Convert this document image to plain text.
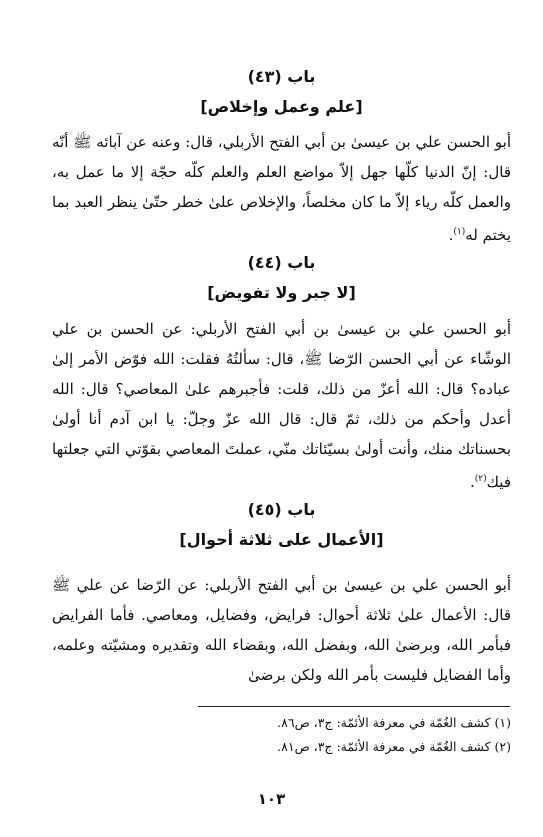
باب (٤٣)
[علم وعمل وإخلاص]

أبو الحسن علي بن عيسىٰ بن أبي الفتح الأربلي، قال: وعنه عن آبائه ﷺ أنّه قال: إنّ الدنيا كلّها جهل إلاّ مواضع العلم والعلم كلّه حجّة إلا ما عمل به، والعمل كلّه رياء إلاّ ما كان مخلصاً، والإخلاص علىٰ خطر حتّىٰ ينظر العبد بما يختم له$^{(١)}$.

باب (٤٤)
[لا جبر ولا تفويض]

أبو الحسن علي بن عيسىٰ بن أبي الفتح الأربلي: عن الحسن بن علي الوشّاء عن أبي الحسن الرّضا ﷺ، قال: سألتُهُ فقلت: الله فوّض الأمر إلىٰ عباده؟ قال: الله أعزّ من ذلك، قلت: فأجبرهم علىٰ المعاصي؟ قال: الله أعدل وأحكم من ذلك، ثمّ قال: قال الله عزّ وجلّ: يا ابن آدم أنا أولىٰ بحسناتك منك، وأنت أولىٰ بسيّئاتك منّي، عملتَ المعاصي بقوّتي التي جعلتها فيك$^{(٢)}$.

باب (٤٥)
[الأعمال على ثلاثة أحوال]

أبو الحسن علي بن عيسىٰ بن أبي الفتح الأربلي: عن الرّضا عن علي ﷺ قال: الأعمال علىٰ ثلاثة أحوال: فرايض، وفضايل، ومعاصي. فأما الفرايض فبأمر الله، وبرضىٰ الله، وبفضل الله، وبقضاء الله وتقديره ومشيّته وعلمه، وأما الفضايل فليست بأمر الله ولكن برضىٰ

(١) كشف الغُمّة في معرفة الأئمّة: ج٣، ص٨٦.
(٢) كشف الغُمّة في معرفة الأئمّة: ج٣، ص٨١.
١٠٣
